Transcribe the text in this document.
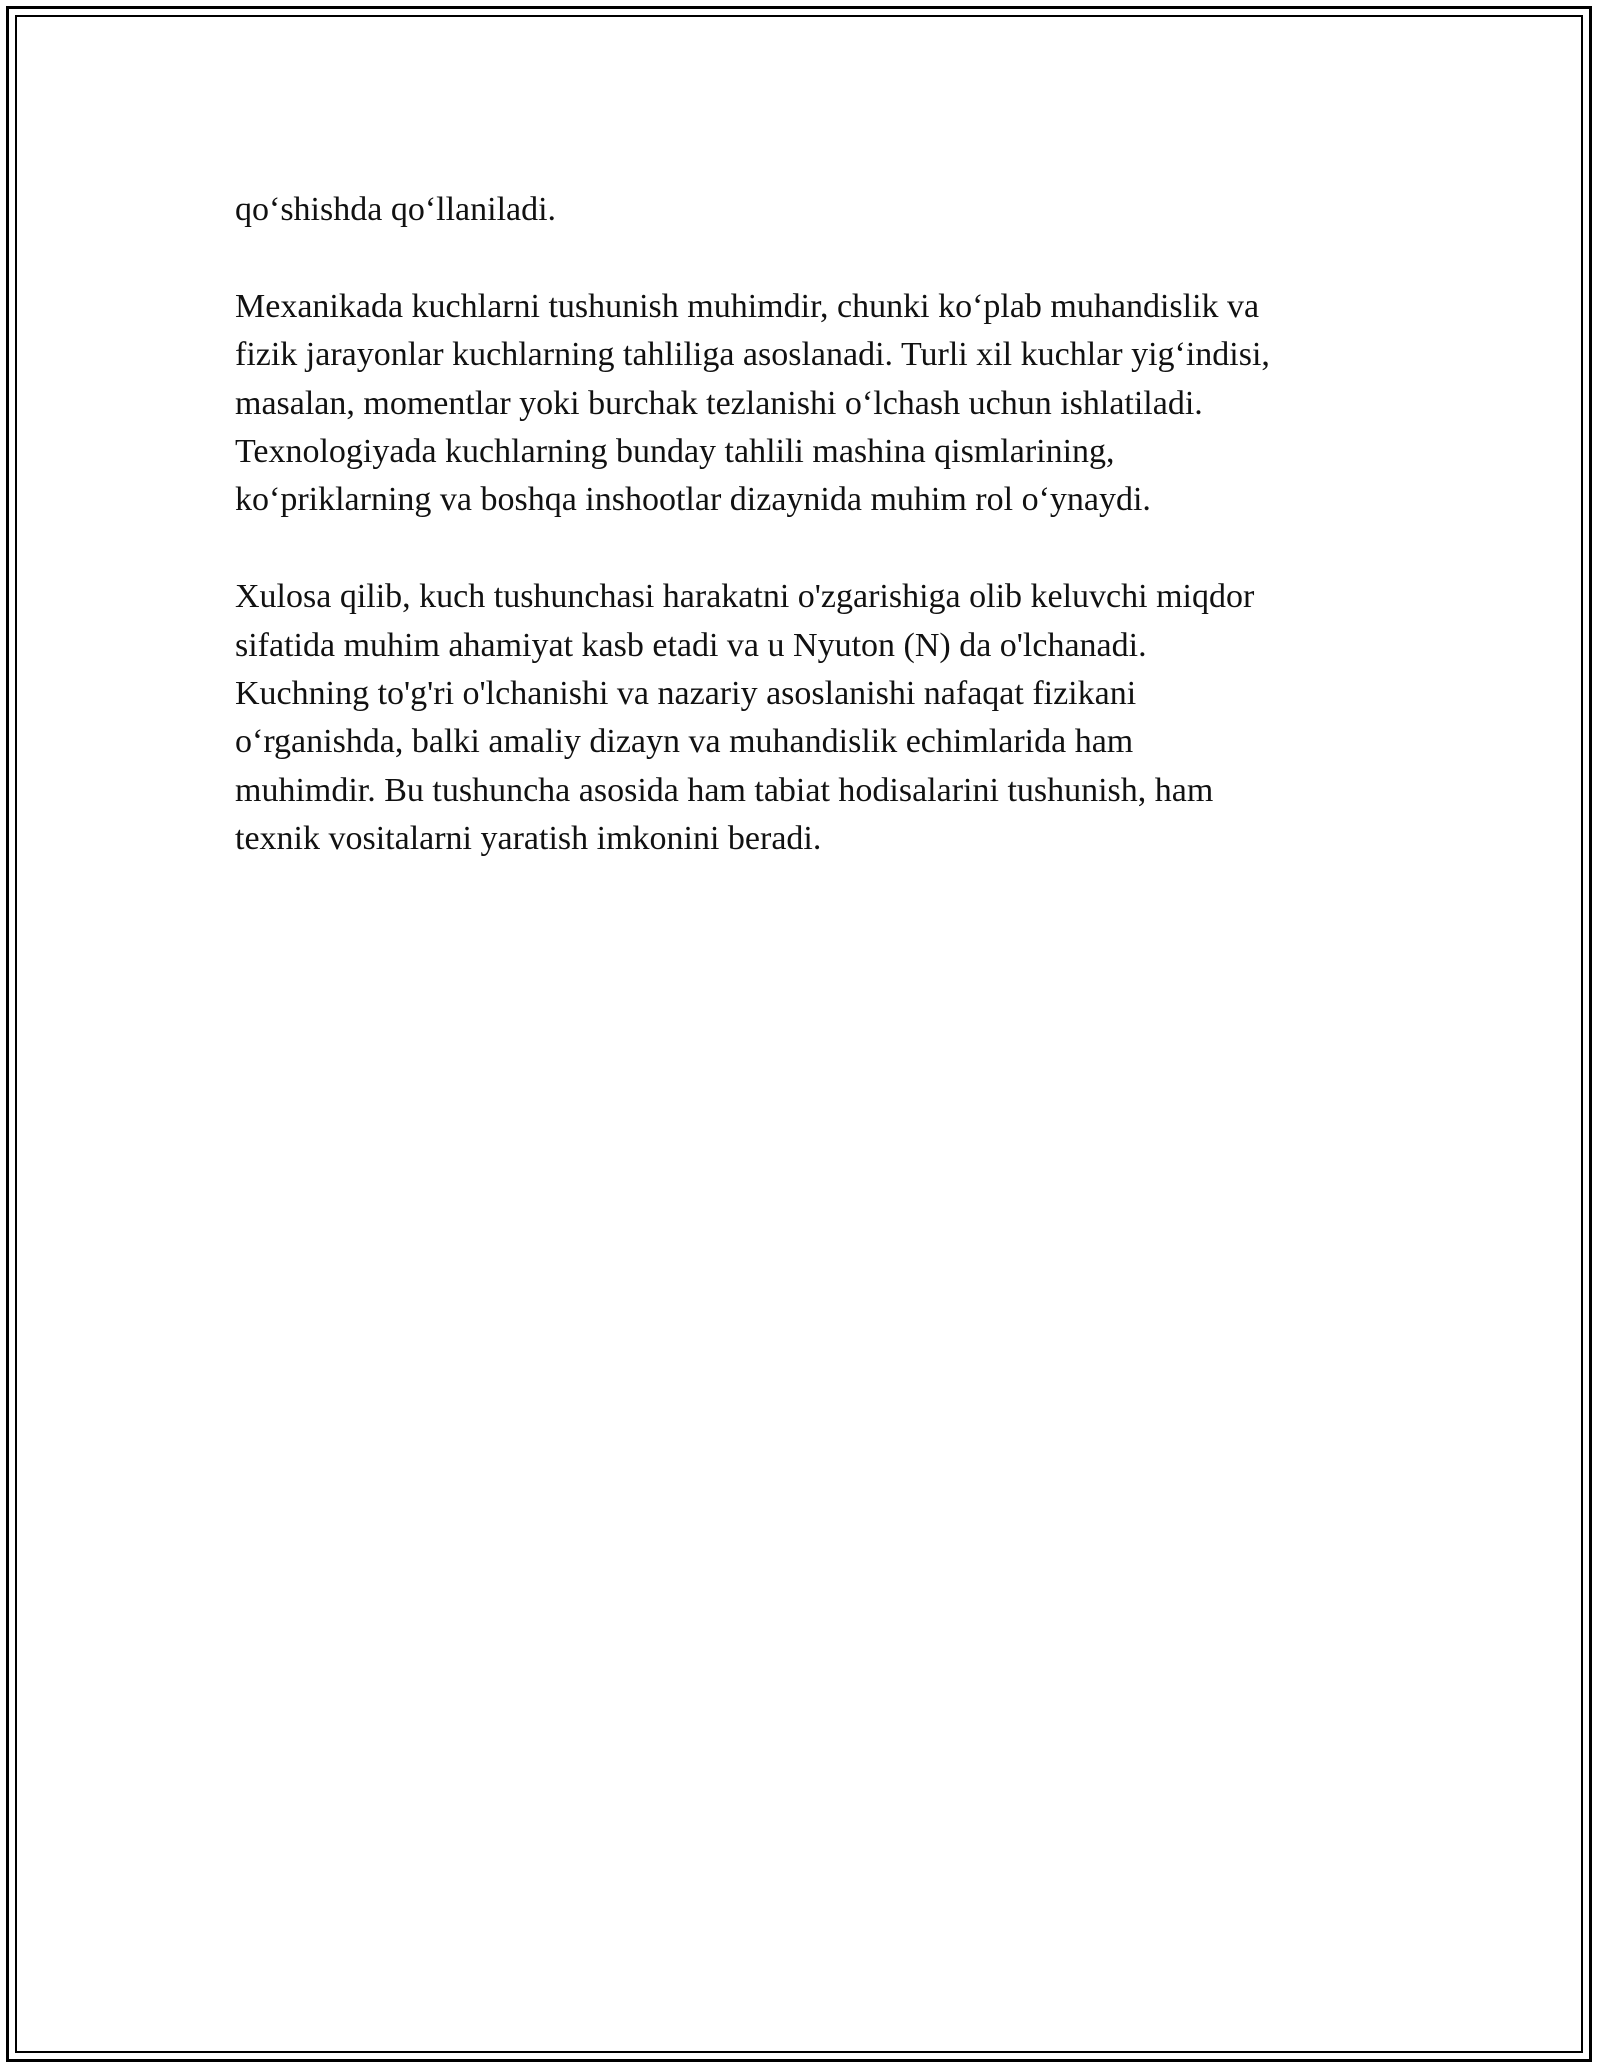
qo‘shishda qo‘llaniladi.

Mexanikada kuchlarni tushunish muhimdir, chunki ko‘plab muhandislik va
fizik jarayonlar kuchlarning tahliliga asoslanadi. Turli xil kuchlar yig‘indisi,
masalan, momentlar yoki burchak tezlanishi o‘lchash uchun ishlatiladi.
Texnologiyada kuchlarning bunday tahlili mashina qismlarining,
ko‘priklarning va boshqa inshootlar dizaynida muhim rol o‘ynaydi.

Xulosa qilib, kuch tushunchasi harakatni o'zgarishiga olib keluvchi miqdor
sifatida muhim ahamiyat kasb etadi va u Nyuton (N) da o'lchanadi.
Kuchning to'g'ri o'lchanishi va nazariy asoslanishi nafaqat fizikani
o‘rganishda, balki amaliy dizayn va muhandislik echimlarida ham
muhimdir. Bu tushuncha asosida ham tabiat hodisalarini tushunish, ham
texnik vositalarni yaratish imkonini beradi.
